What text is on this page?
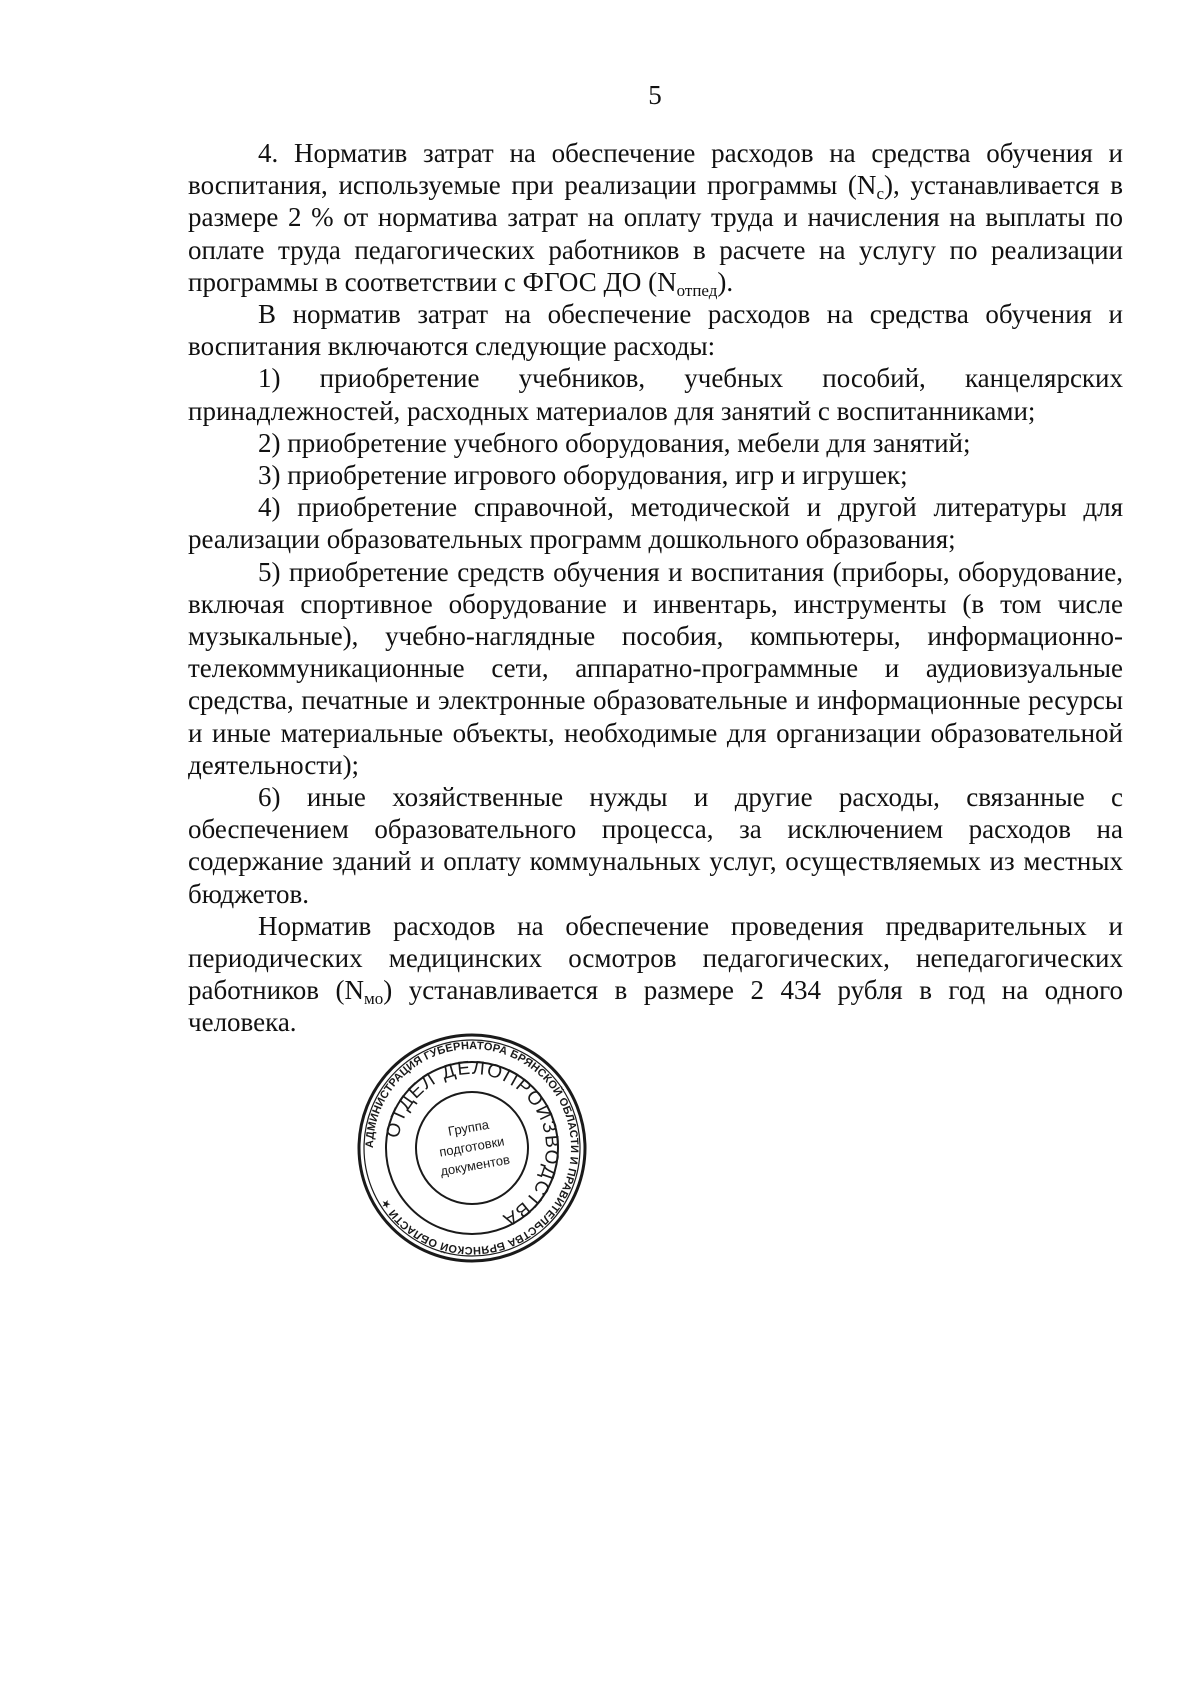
5

4. Норматив затрат на обеспечение расходов на средства обучения и воспитания, используемые при реализации программы $(N_c)$, устанавливается в размере 2 % от норматива затрат на оплату труда и начисления на выплаты по оплате труда педагогических работников в расчете на услугу по реализации программы в соответствии с ФГОС ДО $(N_{отпед})$.

В норматив затрат на обеспечение расходов на средства обучения и воспитания включаются следующие расходы:

1) приобретение учебников, учебных пособий, канцелярских принадлежностей, расходных материалов для занятий с воспитанниками;

2) приобретение учебного оборудования, мебели для занятий;

3) приобретение игрового оборудования, игр и игрушек;

4) приобретение справочной, методической и другой литературы для реализации образовательных программ дошкольного образования;

5) приобретение средств обучения и воспитания (приборы, оборудование, включая спортивное оборудование и инвентарь, инструменты (в том числе музыкальные), учебно-наглядные пособия, компьютеры, информационно-телекоммуникационные сети, аппаратно-программные и аудиовизуальные средства, печатные и электронные образовательные и информационные ресурсы и иные материальные объекты, необходимые для организации образовательной деятельности);

6) иные хозяйственные нужды и другие расходы, связанные с обеспечением образовательного процесса, за исключением расходов на содержание зданий и оплату коммунальных услуг, осуществляемых из местных бюджетов.

Норматив расходов на обеспечение проведения предварительных и периодических медицинских осмотров педагогических, непедагогических работников $(N_{мо})$ устанавливается в размере 2 434 рубля в год на одного человека.

АДМИНИСТРАЦИЯ ГУБЕРНАТОРА БРЯНСКОЙ ОБЛАСТИ И ПРАВИТЕЛЬСТВА БРЯНСКОЙ ОБЛАСТИ ★
ОТДЕЛ ДЕЛОПРОИЗВОДСТВА
Группа
подготовки
документов
